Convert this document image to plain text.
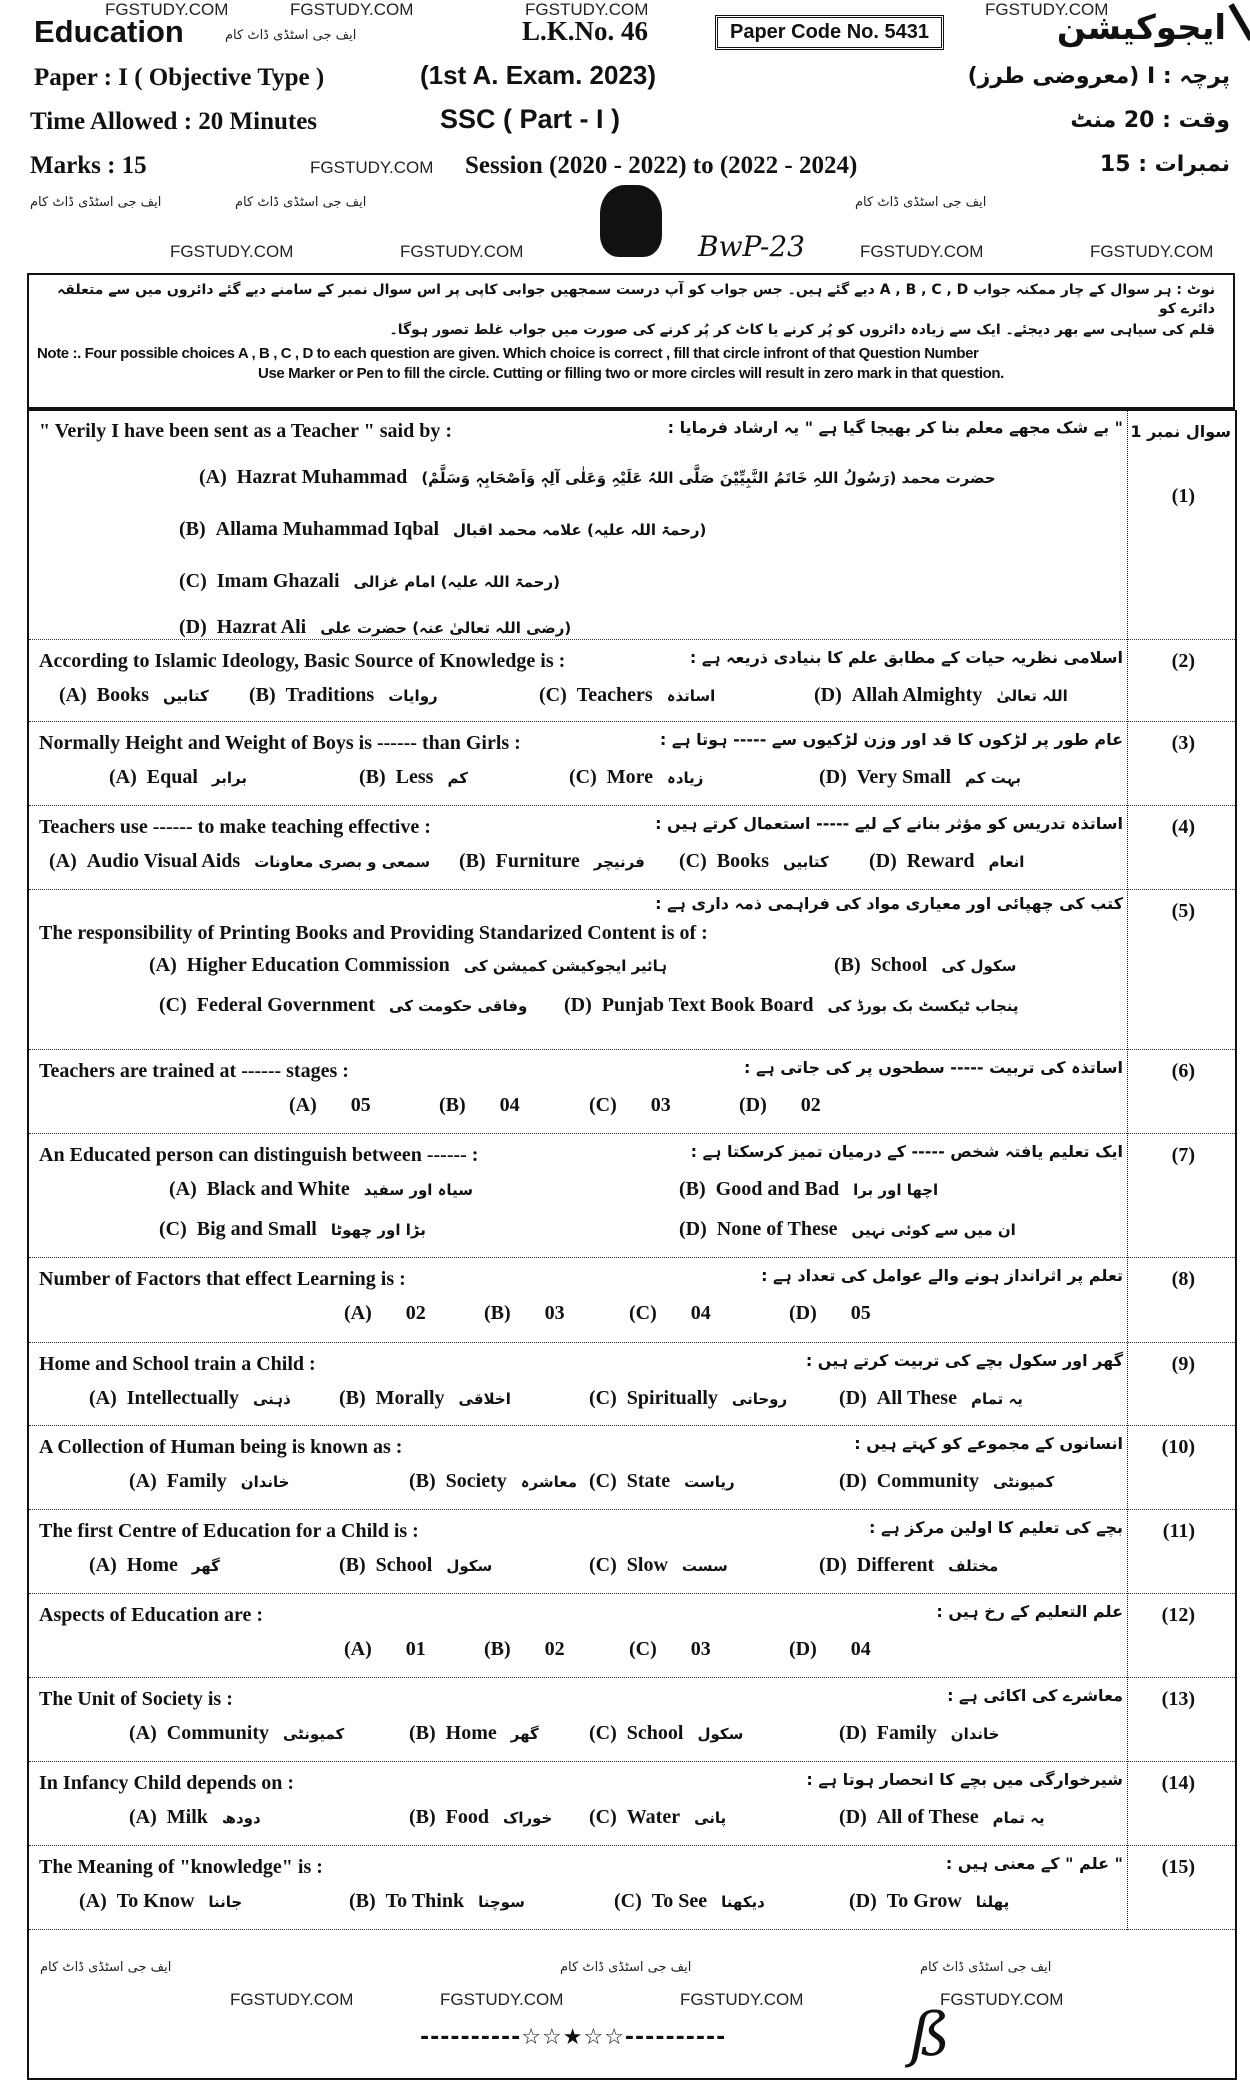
FGSTUDY.COM	FGSTUDY.COM	FGSTUDY.COM	FGSTUDY.COM
Education	ایف جی اسٹڈی ڈاٹ کام	L.K.No. 46	Paper Code No. 5431	ایجوکیشن
Paper : I ( Objective Type )	(1st A. Exam. 2023)	پرچہ : I (معروضی طرز)
Time Allowed : 20 Minutes	SSC ( Part - I )	وقت : 20 منٹ
Marks : 15	FGSTUDY.COM Session (2020 - 2022) to (2022 - 2024)	نمبرات : 15
ایف جی اسٹڈی ڈاٹ کام	ایف جی اسٹڈی ڈاٹ کام	ایف جی اسٹڈی ڈاٹ کام
FGSTUDY.COM	FGSTUDY.COM	FGSTUDY.COM	FGSTUDY.COM
BwP-23
نوٹ : ہر سوال کے چار ممکنہ جواب A , B , C , D دیے گئے ہیں۔ جس جواب کو آپ درست سمجھیں جوابی کاپی پر اس سوال نمبر کے سامنے دیے گئے دائروں میں سے متعلقہ دائرے کو
قلم کی سیاہی سے بھر دیجئے۔ ایک سے زیادہ دائروں کو پُر کرنے یا کاٹ کر پُر کرنے کی صورت میں جواب غلط تصور ہوگا۔
Note :. Four possible choices A , B , C , D to each question are given. Which choice is correct , fill that circle infront of that Question Number
Use Marker or Pen to fill the circle. Cutting or filling two or more circles will result in zero mark in that question.
" Verily I have been sent as a Teacher " said by :	" بے شک مجھے معلم بنا کر بھیجا گیا ہے " یہ ارشاد فرمایا :
(1)
سوال نمبر 1
(A) Hazrat Muhammad حضرت محمد (رَسُولُ اللہِ خَاتَمُ النَّبِیِّیْنَ صَلَّی اللہُ عَلَیْہِ وَعَلٰی آلِہٖ وَاَصْحَابِہٖ وَسَلَّمْ)
(B) Allama Muhammad Iqbal (رحمۃ اللہ علیہ) علامہ محمد اقبال
(C) Imam Ghazali (رحمۃ اللہ علیہ) امام غزالی
(D) Hazrat Ali (رضی اللہ تعالیٰ عنہ) حضرت علی
According to Islamic Ideology, Basic Source of Knowledge is :	اسلامی نظریہ حیات کے مطابق علم کا بنیادی ذریعہ ہے : (2)
(A) Books کتابیں (B) Traditions روایات	(C) Teachers اساتذہ	(D) Allah Almighty اللہ تعالیٰ
Normally Height and Weight of Boys is ------ than Girls :	عام طور پر لڑکوں کا قد اور وزن لڑکیوں سے ----- ہوتا ہے : (3)
(A) Equal برابر	(B) Less کم	(C) More زیادہ	(D) Very Small بہت کم
Teachers use ------ to make teaching effective :	اساتذہ تدریس کو مؤثر بنانے کے لیے ----- استعمال کرتے ہیں : (4)
(A) Audio Visual Aids سمعی و بصری معاونات (B) Furniture فرنیچر (C) Books کتابیں (D) Reward انعام
The responsibility of Printing Books and Providing Standarized Content is of :
کتب کی چھپائی اور معیاری مواد کی فراہمی ذمہ داری ہے : (5)
(A) Higher Education Commission ہائیر ایجوکیشن کمیشن کی	(B) School سکول کی
(C) Federal Government وفاقی حکومت کی (D) Punjab Text Book Board پنجاب ٹیکسٹ بک بورڈ کی
Teachers are trained at ------ stages :	اساتذہ کی تربیت ----- سطحوں پر کی جاتی ہے : (6)
(A) 05	(B) 04	(C) 03	(D) 02
An Educated person can distinguish between ------ :	ایک تعلیم یافتہ شخص ----- کے درمیان تمیز کرسکتا ہے : (7)
(A) Black and White سیاہ اور سفید	(B) Good and Bad اچھا اور برا
(C) Big and Small بڑا اور چھوٹا	(D) None of These ان میں سے کوئی نہیں
Number of Factors that effect Learning is :	تعلم پر اثرانداز ہونے والے عوامل کی تعداد ہے : (8)
(A) 02	(B) 03	(C) 04	(D) 05
Home and School train a Child :	گھر اور سکول بچے کی تربیت کرتے ہیں : (9)
(A) Intellectually ذہنی (B) Morally اخلاقی	(C) Spiritually روحانی	(D) All These یہ تمام
A Collection of Human being is known as :	انسانوں کے مجموعے کو کہتے ہیں : (10)
(A) Family خاندان	(B) Society معاشرہ (C) State ریاست	(D) Community کمیونٹی
The first Centre of Education for a Child is :	بچے کی تعلیم کا اولین مرکز ہے : (11)
(A) Home گھر	(B) School سکول	(C) Slow سست	(D) Different مختلف
Aspects of Education are :	علم التعلیم کے رخ ہیں : (12)
(A) 01	(B) 02	(C) 03	(D) 04
The Unit of Society is :	معاشرے کی اکائی ہے : (13)
(A) Community کمیونٹی	(B) Home گھر	(C) School سکول	(D) Family خاندان
In Infancy Child depends on :	شیرخوارگی میں بچے کا انحصار ہوتا ہے : (14)
(A) Milk دودھ	(B) Food خوراک (C) Water پانی	(D) All of These یہ تمام
The Meaning of "knowledge" is :	" علم " کے معنی ہیں : (15)
(A) To Know جاننا	(B) To Think سوچنا	(C) To See دیکھنا	(D) To Grow پھلنا
ایف جی اسٹڈی ڈاٹ کام	ایف جی اسٹڈی ڈاٹ کام	ایف جی اسٹڈی ڈاٹ کام
FGSTUDY.COM	FGSTUDY.COM	FGSTUDY.COM	FGSTUDY.COM
----------☆☆★☆☆----------	ß
